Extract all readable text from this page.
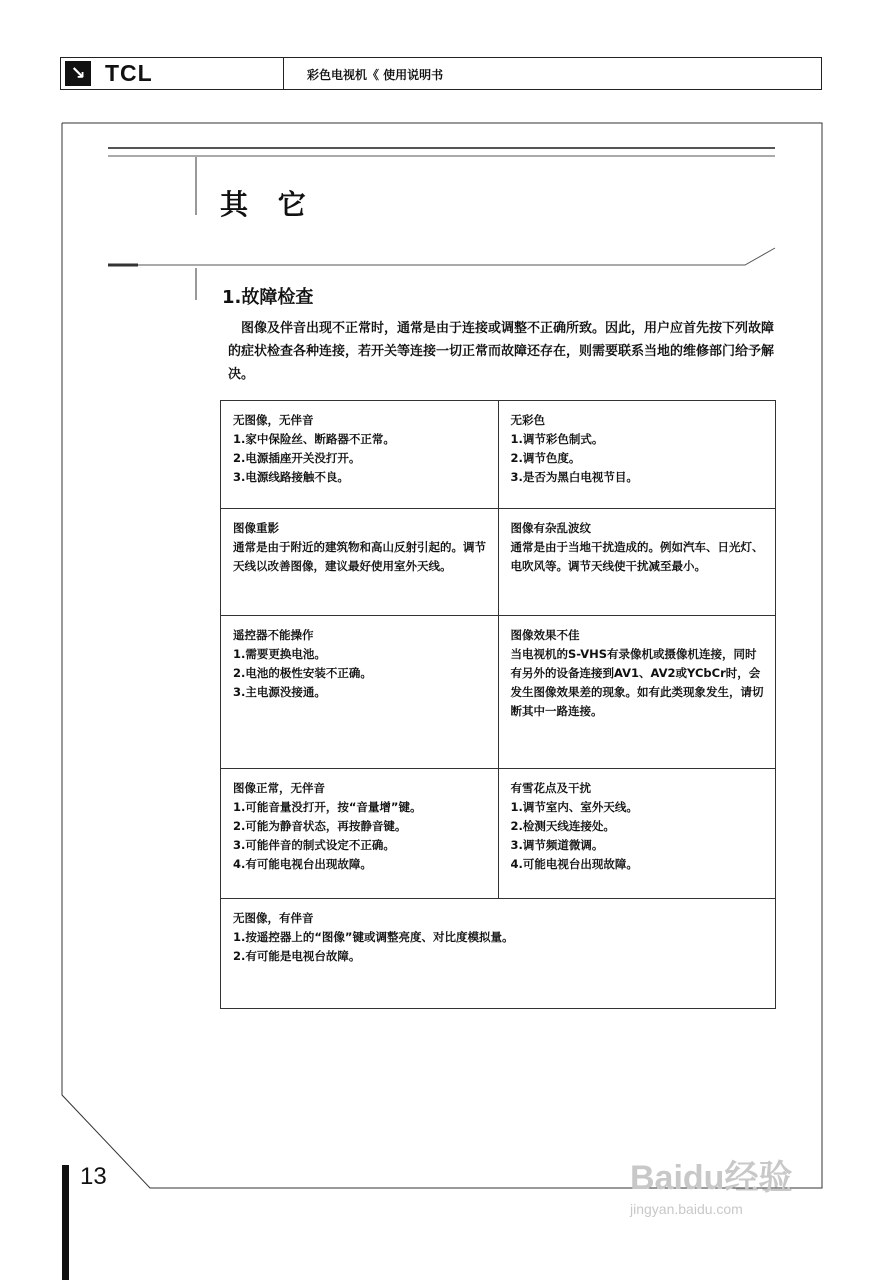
↘ TCL	彩色电视机《 使用说明书
其 它
1.故障检查
图像及伴音出现不正常时，通常是由于连接或调整不正确所致。因此，用户应首先按下列故障的症状检查各种连接，若开关等连接一切正常而故障还存在，则需要联系当地的维修部门给予解决。
无图像，无伴音
1.家中保险丝、断路器不正常。
2.电源插座开关没打开。
3.电源线路接触不良。
无彩色
1.调节彩色制式。
2.调节色度。
3.是否为黑白电视节目。
图像重影
通常是由于附近的建筑物和高山反射引起的。调节天线以改善图像，建议最好使用室外天线。
图像有杂乱波纹
通常是由于当地干扰造成的。例如汽车、日光灯、电吹风等。调节天线使干扰减至最小。
遥控器不能操作
1.需要更换电池。
2.电池的极性安装不正确。
3.主电源没接通。
图像效果不佳
当电视机的S-VHS有录像机或摄像机连接，同时有另外的设备连接到AV1、AV2或YCbCr时，会发生图像效果差的现象。如有此类现象发生，请切断其中一路连接。
图像正常，无伴音
1.可能音量没打开，按“音量增”键。
2.可能为静音状态，再按静音键。
3.可能伴音的制式设定不正确。
4.有可能电视台出现故障。
有雪花点及干扰
1.调节室内、室外天线。
2.检测天线连接处。
3.调节频道微调。
4.可能电视台出现故障。
无图像，有伴音
1.按遥控器上的“图像”键或调整亮度、对比度模拟量。
2.有可能是电视台故障。
13	Baidu经验
jingyan.baidu.com
